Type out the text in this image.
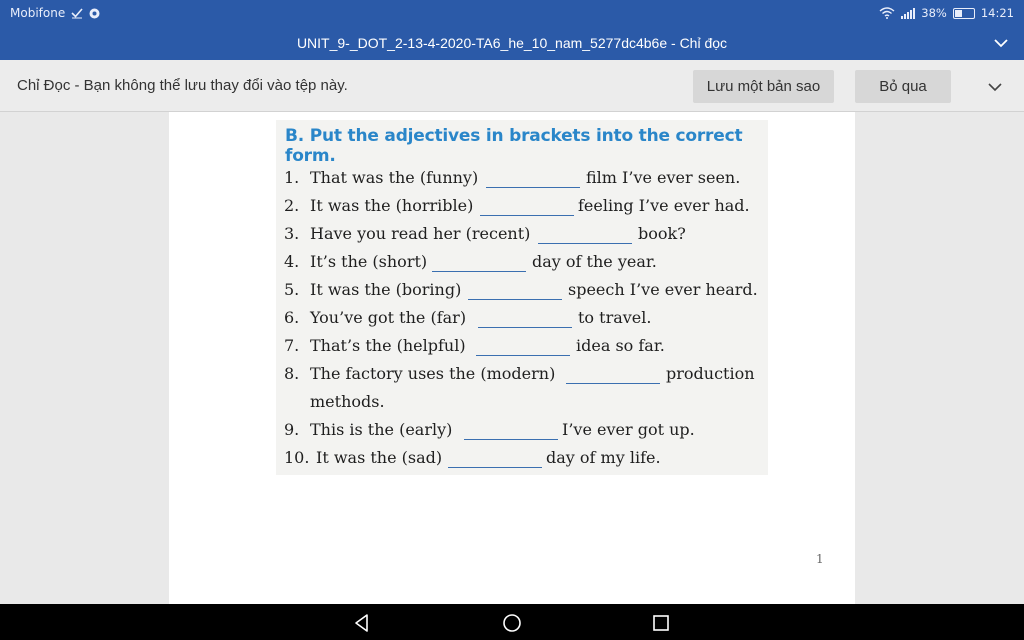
Mobifone	38%	14:21
UNIT_9-_DOT_2-13-4-2020-TA6_he_10_nam_5277dc4b6e - Chỉ đọc
Chỉ Đọc - Bạn không thể lưu thay đổi vào tệp này.	Lưu một bản sao	Bỏ qua
B. Put the adjectives in brackets into the correct form.
1. That was the (funny)	film I’ve ever seen.
2. It was the (horrible)	feeling I’ve ever had.
3. Have you read her (recent)	book?
4. It’s the (short)	day of the year.
5. It was the (boring)	speech I’ve ever heard.
6. You’ve got the (far)	to travel.
7. That’s the (helpful)	idea so far.
8. The factory uses the (modern)	production
methods.
9. This is the (early)	I’ve ever got up.
10. It was the (sad)	day of my life.
1
